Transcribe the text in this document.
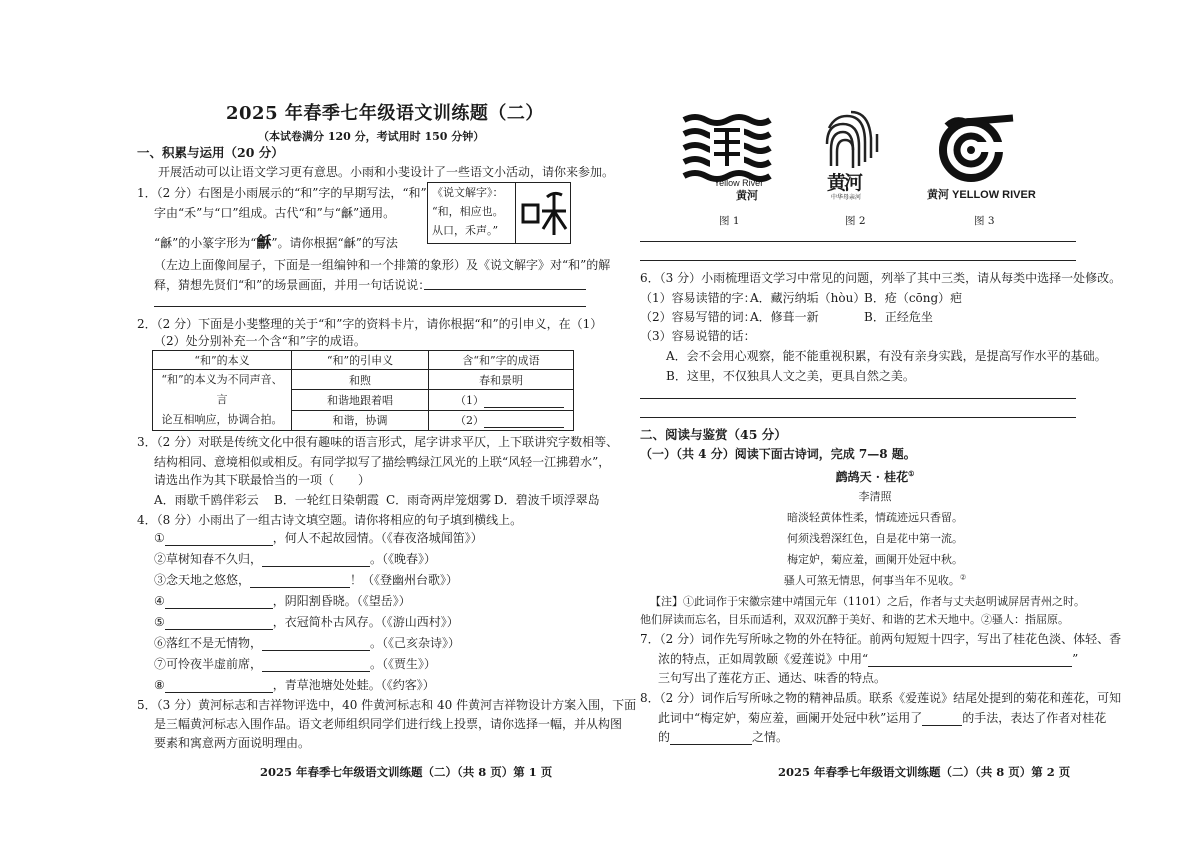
2025 年春季七年级语文训练题（二）
（本试卷满分 120 分，考试用时 150 分钟）
一、积累与运用（20 分）
开展活动可以让语文学习更有意思。小雨和小斐设计了一些语文小活动，请你来参加。
1．（2 分）右图是小雨展示的“和”字的早期写法，“和”
字由“禾”与“口”组成。古代“和”与“龢”通用。
“龢”的小篆字形为“龢”。请你根据“龢”的写法
（左边上面像间屋子，下面是一组编钟和一个排箫的象形）及《说文解字》对“和”的解
释，猜想先贤们“和”的场景画面，并用一句话说说：
《说文解字》：
“和，相应也。
从口，禾声。”
2．（2 分）下面是小斐整理的关于“和”字的资料卡片，请你根据“和”的引申义，在（1）
（2）处分别补充一个含“和”字的成语。
“和”的本义	“和”的引申义	含“和”字的成语

“和”的本义为不同声音、言
论互相响应，协调合拍。	和煦	春和景明
	和谐地跟着唱	（1）
	和谐，协调	（2）
3．（2 分）对联是传统文化中很有趣味的语言形式，尾字讲求平仄，上下联讲究字数相等、
结构相同、意境相似或相反。有同学拟写了描绘鸭绿江风光的上联“风轻一江拂碧水”，
请选出作为其下联最恰当的一项（　　）
A．雨歇千鸥伴彩云 B．一轮红日染朝霞 C．雨奇两岸笼烟雾 D．碧波千顷浮翠岛
4．（8 分）小雨出了一组古诗文填空题。请你将相应的句子填到横线上。
①	，何人不起故园情。（《春夜洛城闻笛》）
②草树知春不久归，	。（《晚春》）
③念天地之悠悠，	！（《登幽州台歌》）
④	，阴阳割昏晓。（《望岳》）
⑤	，衣冠简朴古风存。（《游山西村》）
⑥落红不是无情物，	。（《己亥杂诗》）
⑦可怜夜半虚前席，	。（《贾生》）
⑧	，青草池塘处处蛙。（《约客》）
5．（3 分）黄河标志和吉祥物评选中，40 件黄河标志和 40 件黄河吉祥物设计方案入围，下面
是三幅黄河标志入围作品。语文老师组织同学们进行线上投票，请你选择一幅，并从构图
要素和寓意两方面说明理由。
2025 年春季七年级语文训练题（二）（共 8 页）第 1 页
Yellow River
黄河
图 1
黄河
中华母亲河
图 2
黄河 YELLOW RIVER
图 3
6．（3 分）小雨梳理语文学习中常见的问题，列举了其中三类，请从每类中选择一处修改。
（1）容易读错的字：
A．藏污纳垢（hòu）
B．疮（cōng）疤
（2）容易写错的词：
A．修葺一新	B．正经危坐
（3）容易说错的话：
A．会不会用心观察，能不能重视积累，有没有亲身实践，是提高写作水平的基础。
B．这里，不仅独具人文之美，更具自然之美。
二、阅读与鉴赏（45 分）
（一）（共 4 分）阅读下面古诗词，完成 7—8 题。
鹧鸪天 · 桂花①
李清照
暗淡轻黄体性柔，情疏迹远只香留。
何须浅碧深红色，自是花中第一流。
梅定妒，菊应羞，画阑开处冠中秋。
骚人可煞无情思，何事当年不见收。②
【注】①此词作于宋徽宗建中靖国元年（1101）之后，作者与丈夫赵明诚屏居青州之时。
他们屏读而忘名，目乐而适利，双双沉醉于美好、和谐的艺术天地中。②骚人：指屈原。
7．（2 分）词作先写所咏之物的外在特征。前两句短短十四字，写出了桂花色淡、体轻、香
浓的特点，正如周敦颐《爱莲说》中用“	”
三句写出了莲花方正、通达、味香的特点。
8．（2 分）词作后写所咏之物的精神品质。联系《爱莲说》结尾处提到的菊花和莲花，可知
此词中“梅定妒，菊应羞，画阑开处冠中秋”运用了	的手法，表达了作者对桂花
的	之情。
2025 年春季七年级语文训练题（二）（共 8 页）第 2 页
